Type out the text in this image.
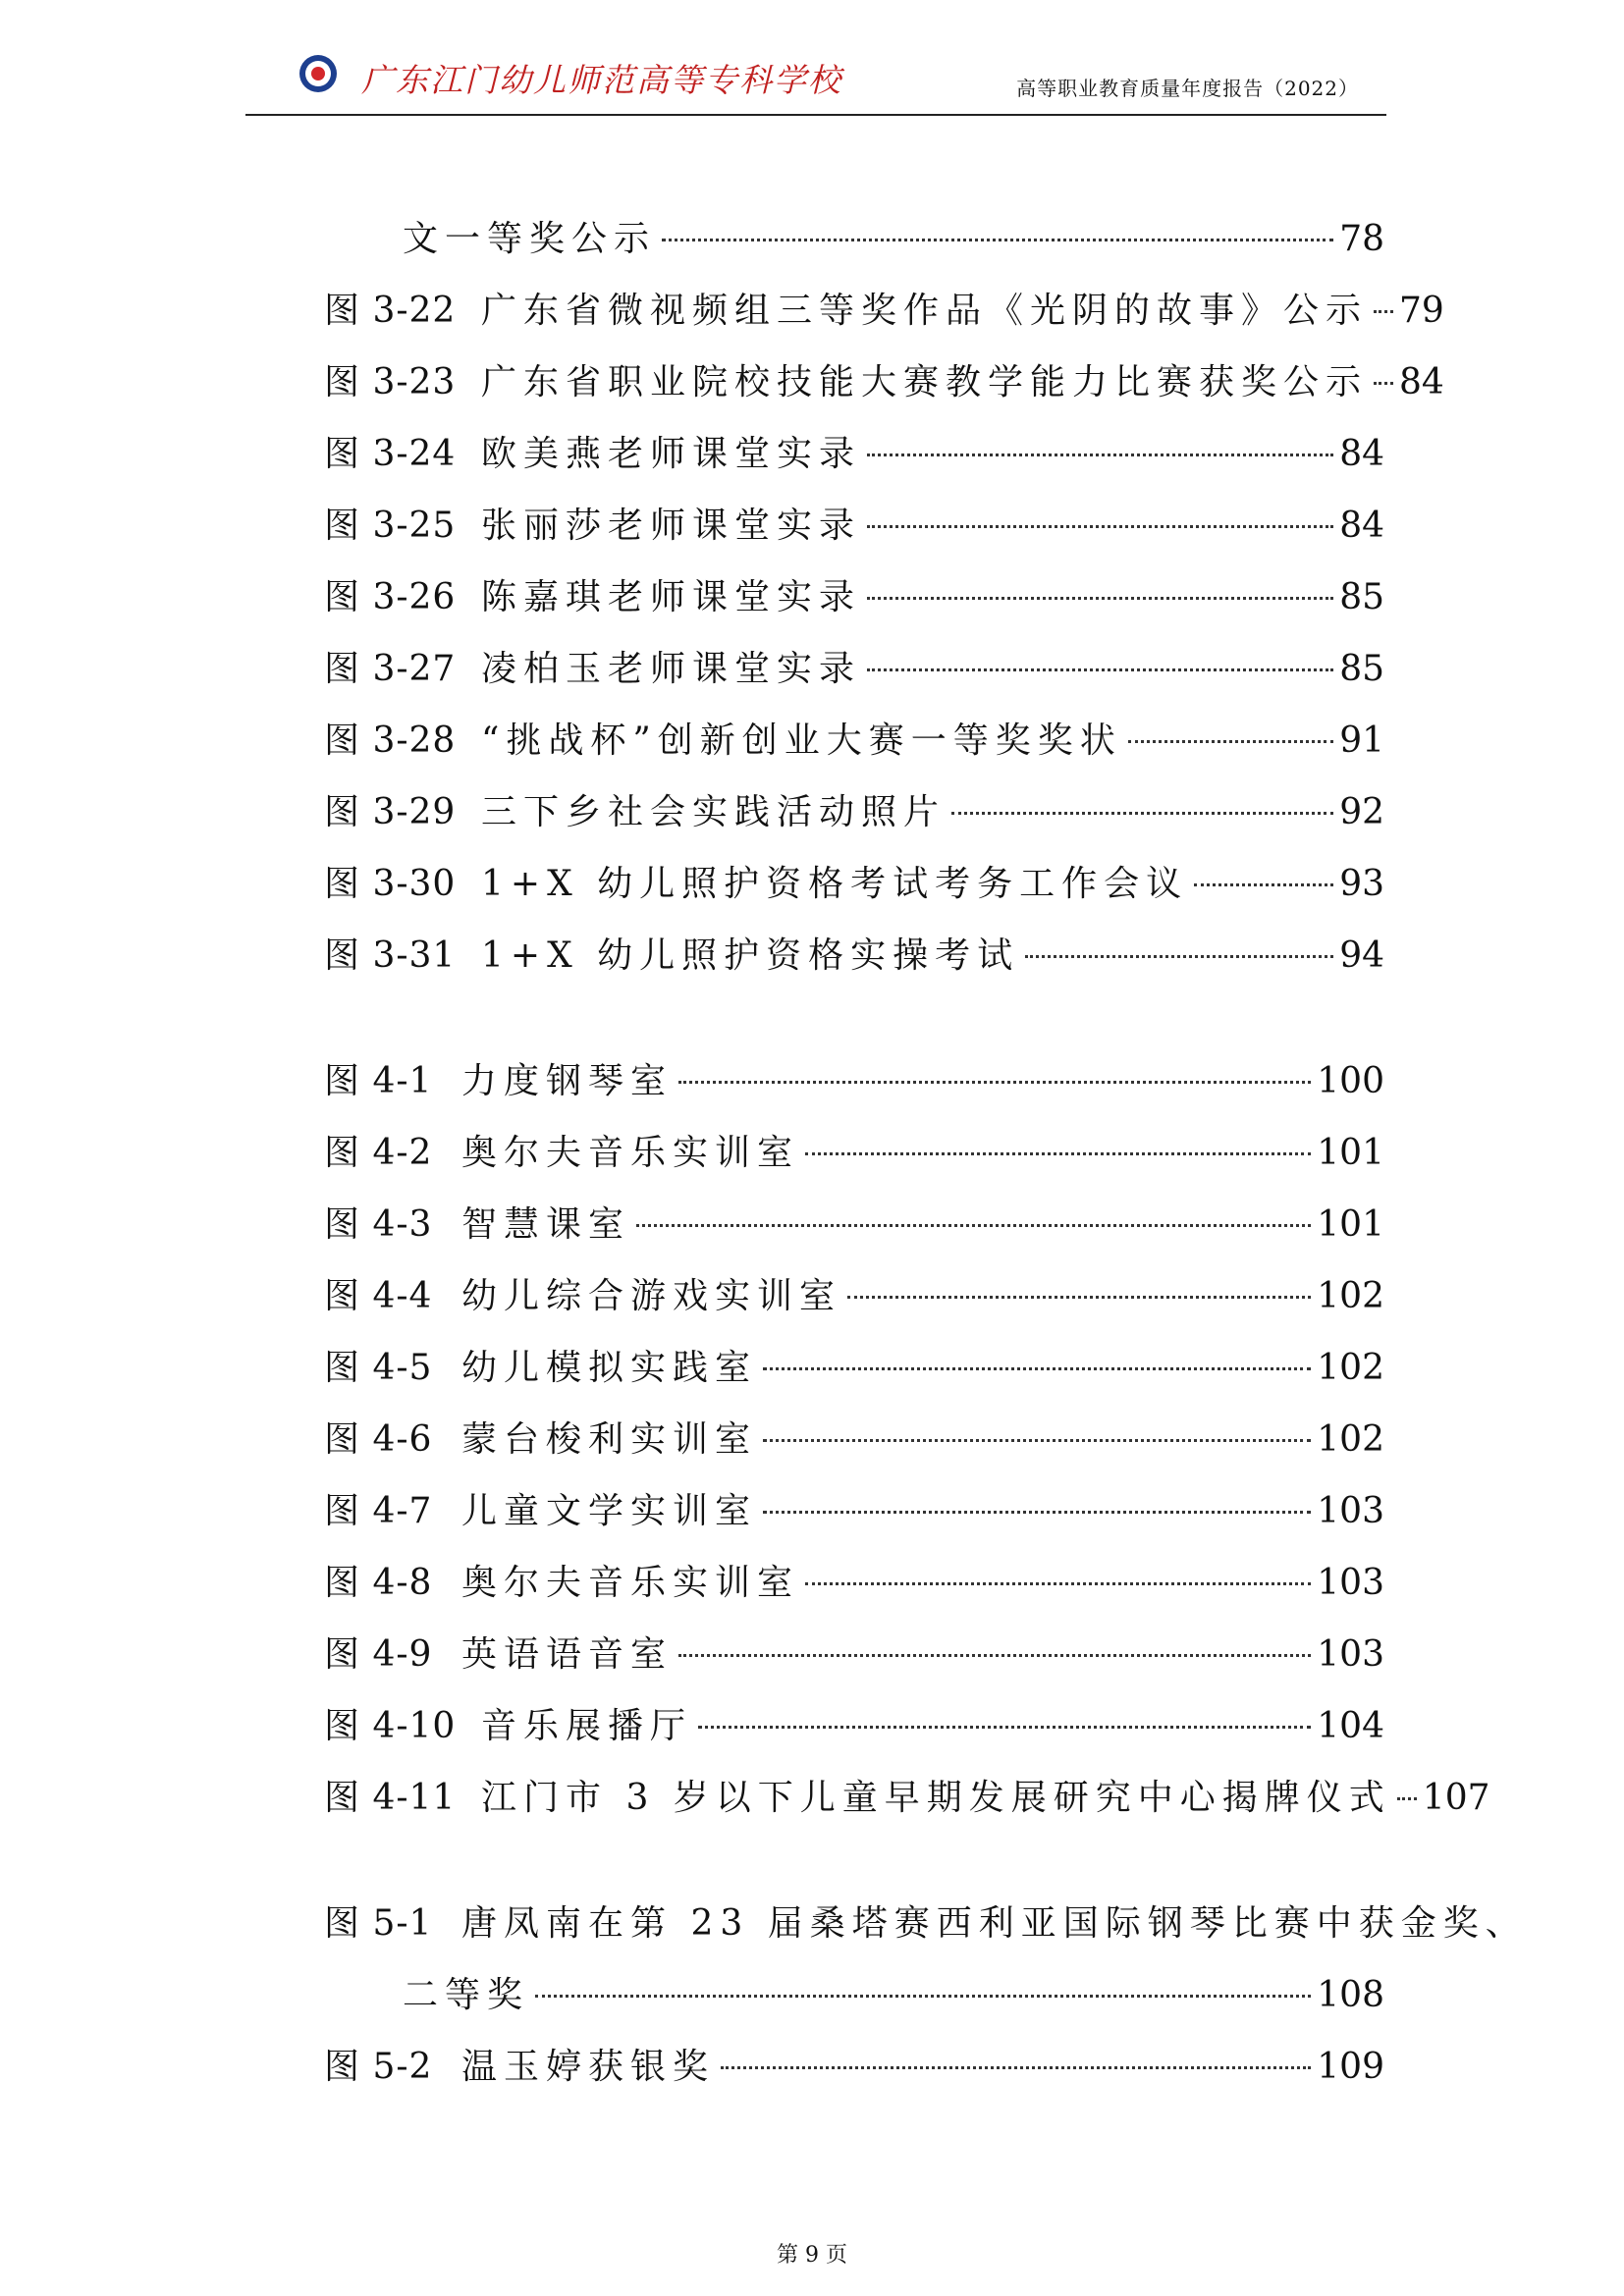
广东江门幼儿师范高等专科学校	高等职业教育质量年度报告（2022）
文一等奖公示	78
图 3-22 广东省微视频组三等奖作品《光阴的故事》公示 79
图 3-23 广东省职业院校技能大赛教学能力比赛获奖公示 84
图 3-24 欧美燕老师课堂实录	84
图 3-25 张丽莎老师课堂实录	84
图 3-26 陈嘉琪老师课堂实录	85
图 3-27 凌柏玉老师课堂实录	85
图 3-28 “挑战杯”创新创业大赛一等奖奖状	91
图 3-29 三下乡社会实践活动照片	92
图 3-30 1+X 幼儿照护资格考试考务工作会议	93
图 3-31 1+X 幼儿照护资格实操考试	94
图 4-1 力度钢琴室	100
图 4-2 奥尔夫音乐实训室	101
图 4-3 智慧课室	101
图 4-4 幼儿综合游戏实训室	102
图 4-5 幼儿模拟实践室	102
图 4-6 蒙台梭利实训室	102
图 4-7 儿童文学实训室	103
图 4-8 奥尔夫音乐实训室	103
图 4-9 英语语音室	103
图 4-10 音乐展播厅	104
图 4-11 江门市 3 岁以下儿童早期发展研究中心揭牌仪式 107
图 5-1 唐凤南在第 23 届桑塔赛西利亚国际钢琴比赛中获金奖、
二等奖	108
图 5-2 温玉婷获银奖	109
第 9 页
